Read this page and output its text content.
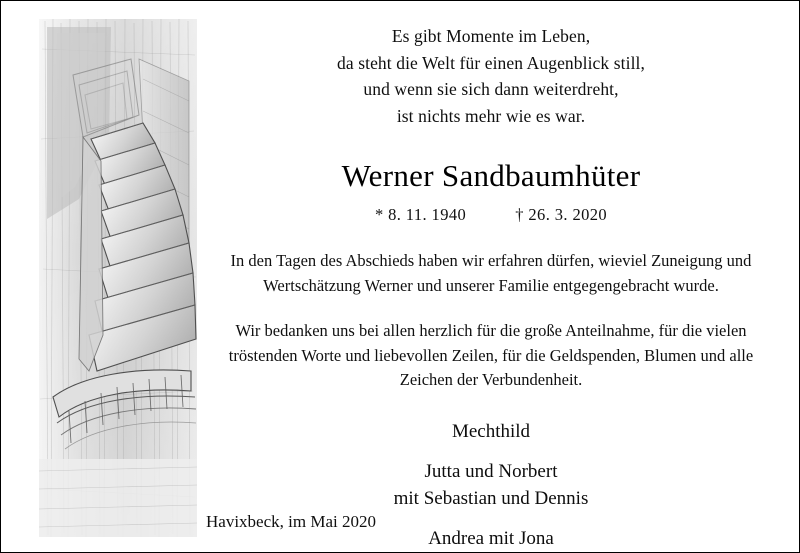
Es gibt Momente im Leben,
da steht die Welt für einen Augenblick still,
und wenn sie sich dann weiterdreht,
ist nichts mehr wie es war.
Werner Sandbaumhüter
* 8. 11. 1940	† 26. 3. 2020
In den Tagen des Abschieds haben wir erfahren dürfen, wieviel Zuneigung und Wertschätzung Werner und unserer Familie entgegengebracht wurde.
Wir bedanken uns bei allen herzlich für die große Anteilnahme, für die vielen tröstenden Worte und liebevollen Zeilen, für die Geldspenden, Blumen und alle Zeichen der Verbundenheit.
Mechthild
Jutta und Norbert
mit Sebastian und Dennis
Andrea mit Jona
Havixbeck, im Mai 2020
